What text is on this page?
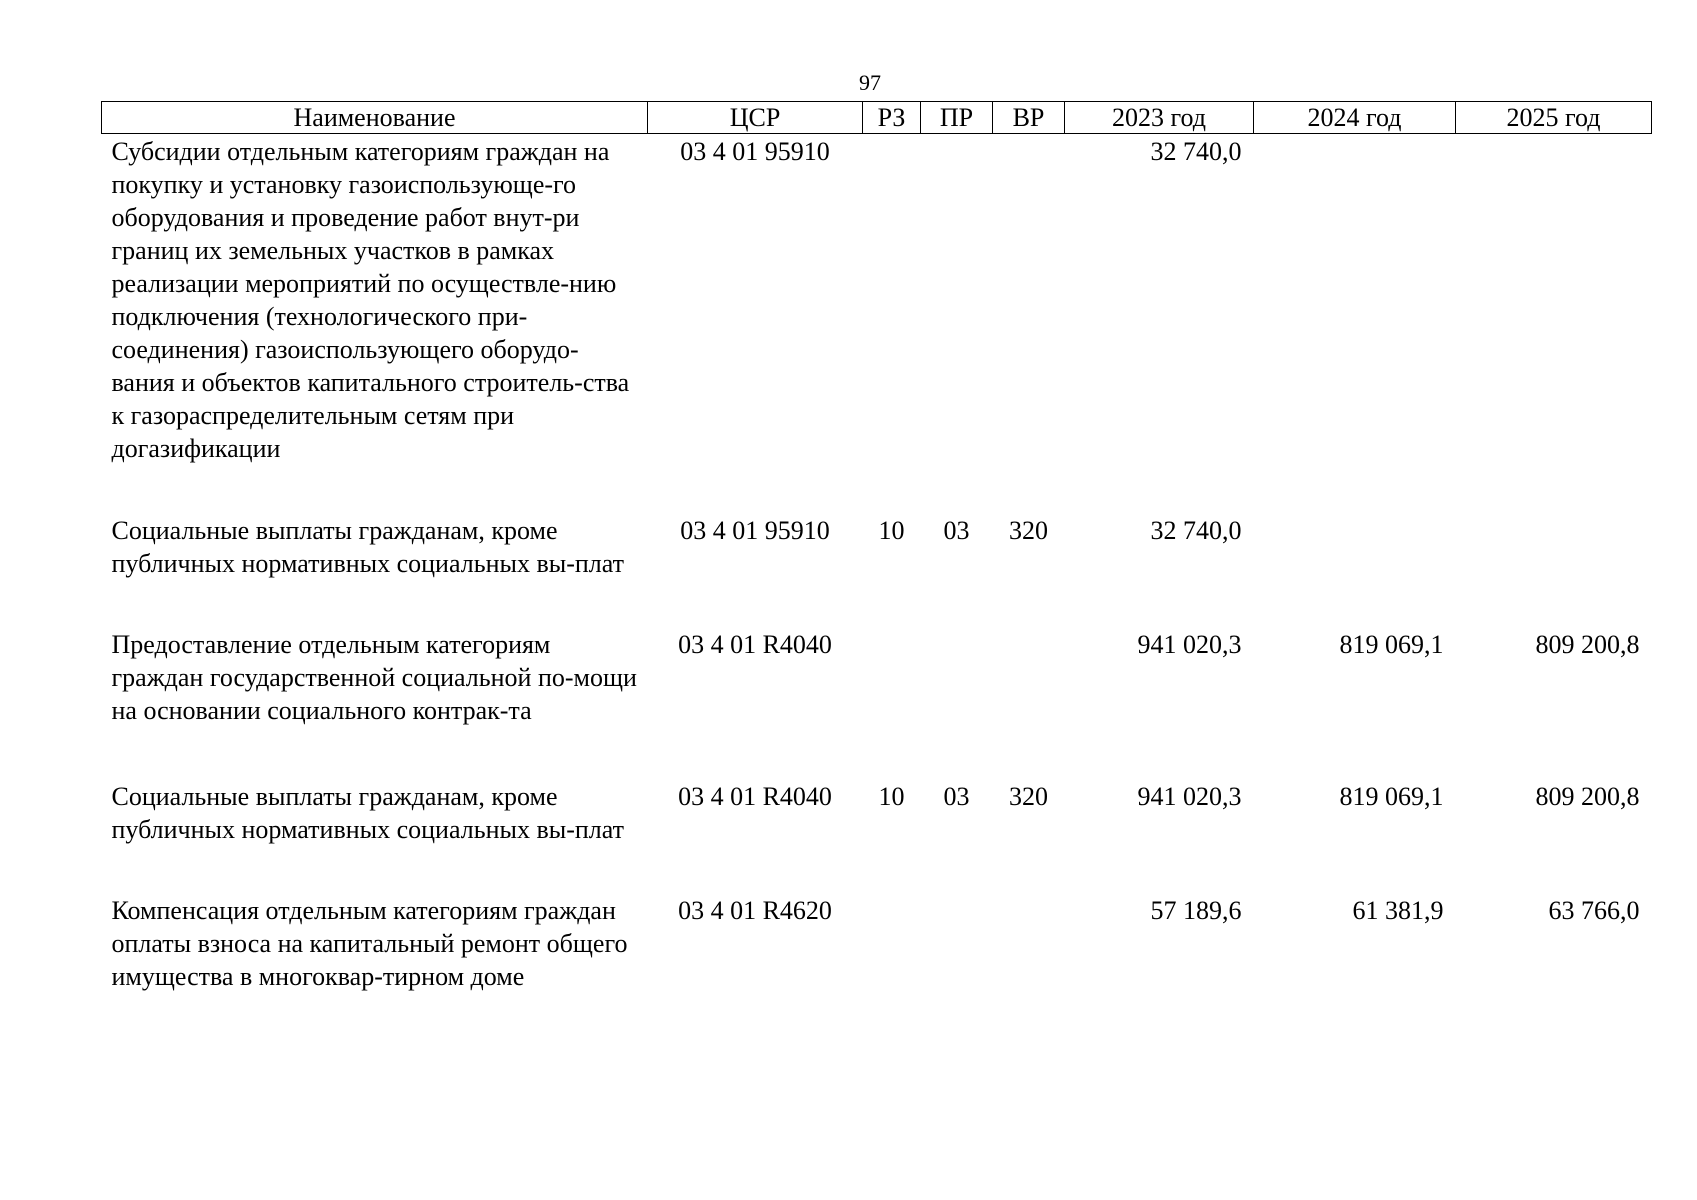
97
Наименование	ЦСР	РЗ	ПР	ВР	2023 год	2024 год	2025 год
Субсидии отдельным категориям граждан на покупку и установку газоиспользующе-го оборудования и проведение работ внут-ри границ их земельных участков в рамках реализации мероприятий по осуществле-нию подключения (технологического при-соединения) газоиспользующего оборудо-вания и объектов капитального строитель-ства к газораспределительным сетям при догазификации	03 4 01 95910				32 740,0		
Социальные выплаты гражданам, кроме публичных нормативных социальных вы-плат	03 4 01 95910	10	03	320	32 740,0		
Предоставление отдельным категориям граждан государственной социальной по-мощи на основании социального контрак-та	03 4 01 R4040				941 020,3	819 069,1	809 200,8
Социальные выплаты гражданам, кроме публичных нормативных социальных вы-плат	03 4 01 R4040	10	03	320	941 020,3	819 069,1	809 200,8
Компенсация отдельным категориям граждан оплаты взноса на капитальный ремонт общего имущества в многоквар-тирном доме	03 4 01 R4620				57 189,6	61 381,9	63 766,0
